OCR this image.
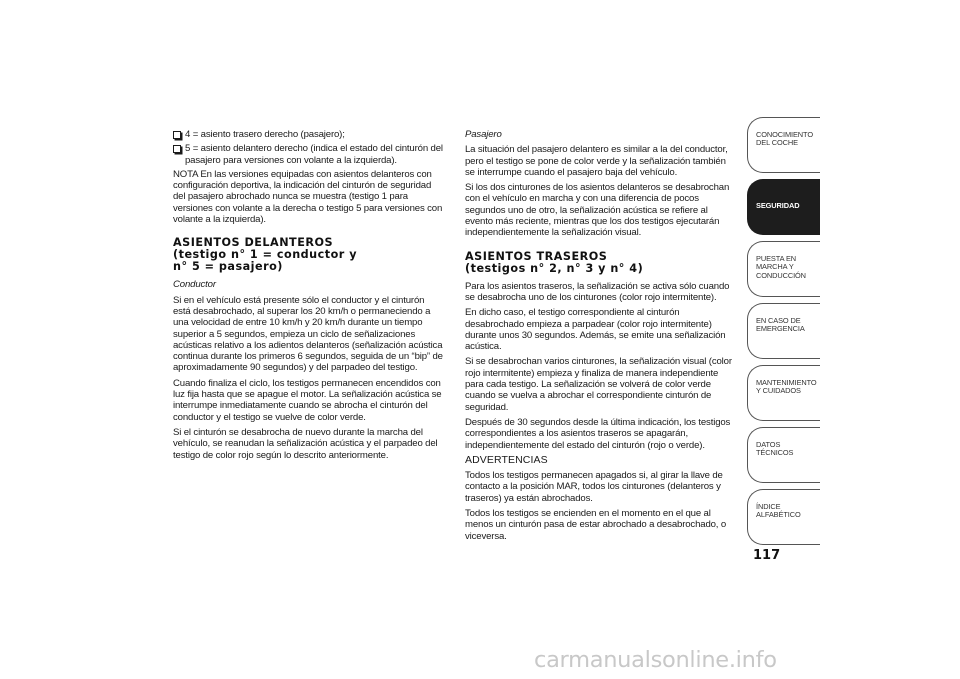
4 = asiento trasero derecho (pasajero);
5 = asiento delantero derecho (indica el estado del cinturón del pasajero para versiones con volante a la izquierda).

NOTA En las versiones equipadas con asientos delanteros con configuración deportiva, la indicación del cinturón de seguridad del pasajero abrochado nunca se muestra (testigo 1 para versiones con volante a la derecha o testigo 5 para versiones con volante a la izquierda).

ASIENTOS DELANTEROS
(testigo n° 1 = conductor y
n° 5 = pasajero)

Conductor

Si en el vehículo está presente sólo el conductor y el cinturón está desabrochado, al superar los 20 km/h o permaneciendo a una velocidad de entre 10 km/h y 20 km/h durante un tiempo superior a 5 segundos, empieza un ciclo de señalizaciones acústicas relativo a los adientos delanteros (señalización acústica continua durante los primeros 6 segundos, seguida de un “bip” de aproximadamente 90 segundos) y del parpadeo del testigo.

Cuando finaliza el ciclo, los testigos permanecen encendidos con luz fija hasta que se apague el motor. La señalización acústica se interrumpe inmediatamente cuando se abrocha el cinturón del conductor y el testigo se vuelve de color verde.

Si el cinturón se desabrocha de nuevo durante la marcha del vehículo, se reanudan la señalización acústica y el parpadeo del testigo de color rojo según lo descrito anteriormente.

Pasajero

La situación del pasajero delantero es similar a la del conductor, pero el testigo se pone de color verde y la señalización también se interrumpe cuando el pasajero baja del vehículo.

Si los dos cinturones de los asientos delanteros se desabrochan con el vehículo en marcha y con una diferencia de pocos segundos uno de otro, la señalización acústica se refiere al evento más reciente, mientras que los dos testigos ejecutarán independientemente la señalización visual.

ASIENTOS TRASEROS
(testigos n° 2, n° 3 y n° 4)

Para los asientos traseros, la señalización se activa sólo cuando se desabrocha uno de los cinturones (color rojo intermitente).

En dicho caso, el testigo correspondiente al cinturón desabrochado empieza a parpadear (color rojo intermitente) durante unos 30 segundos. Además, se emite una señalización acústica.

Si se desabrochan varios cinturones, la señalización visual (color rojo intermitente) empieza y finaliza de manera independiente para cada testigo. La señalización se volverá de color verde cuando se vuelva a abrochar el correspondiente cinturón de seguridad.

Después de 30 segundos desde la última indicación, los testigos correspondientes a los asientos traseros se apagarán, independientemente del estado del cinturón (rojo o verde).

ADVERTENCIAS

Todos los testigos permanecen apagados si, al girar la llave de contacto a la posición MAR, todos los cinturones (delanteros y traseros) ya están abrochados.

Todos los testigos se encienden en el momento en el que al menos un cinturón pasa de estar abrochado a desabrochado, o viceversa.

CONOCIMIENTO DEL COCHE
SEGURIDAD
PUESTA EN MARCHA Y CONDUCCIÓN
EN CASO DE EMERGENCIA
MANTENIMIENTO Y CUIDADOS
DATOS TÉCNICOS
ÍNDICE ALFABÉTICO
117
carmanualsonline.info
